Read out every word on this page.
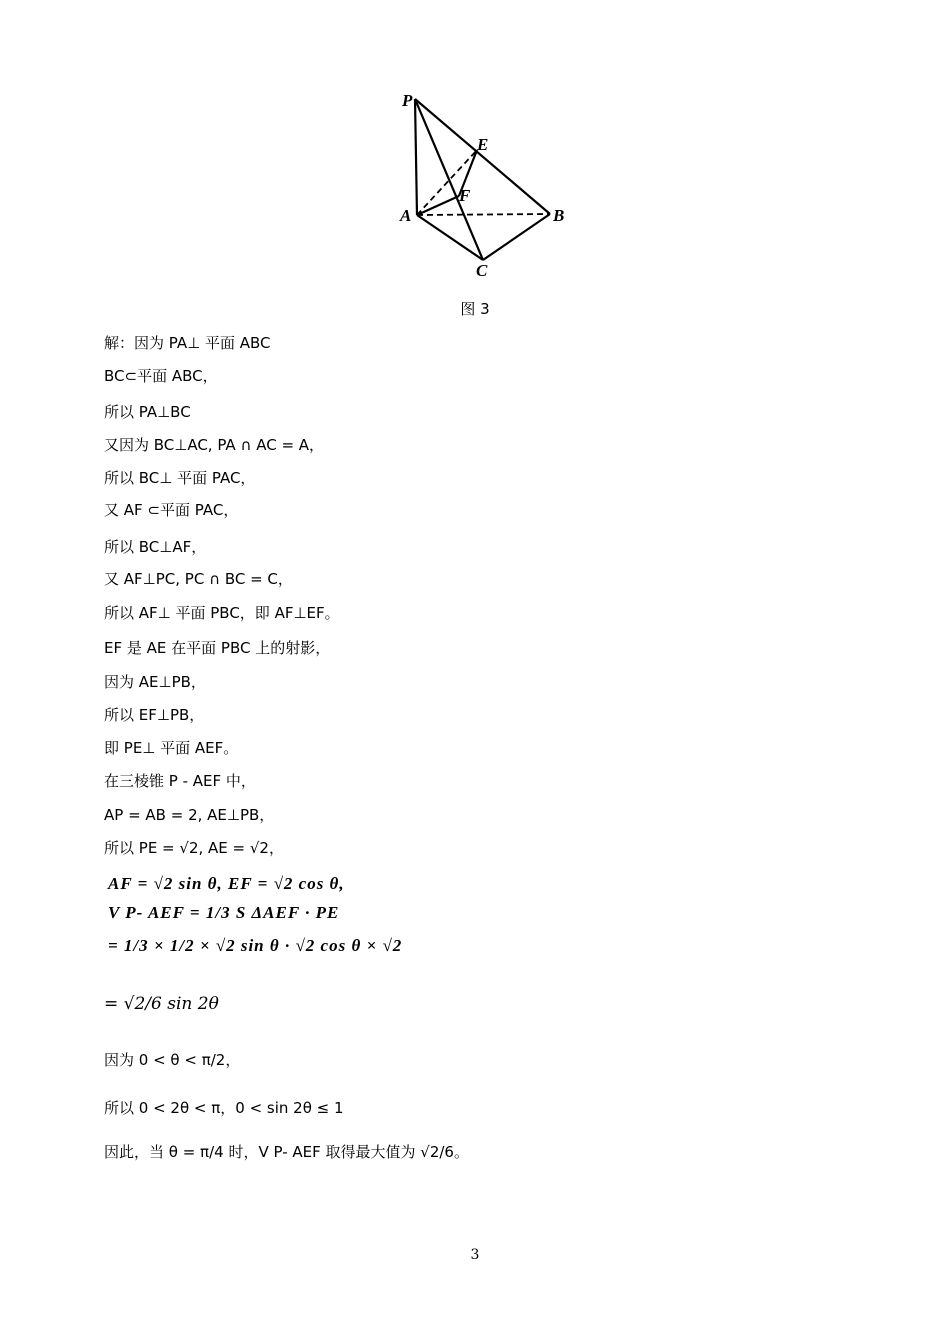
P
E
F
A	B
C
图 3
解：因为 PA⊥ 平面 ABC
BC⊂平面 ABC，
所以 PA⊥BC
又因为 BC⊥AC, PA ∩ AC = A，
所以 BC⊥ 平面 PAC，
又 AF ⊂平面 PAC，
所以 BC⊥AF，
又 AF⊥PC, PC ∩ BC = C，
所以 AF⊥ 平面 PBC，即 AF⊥EF。
EF 是 AE 在平面 PBC 上的射影，
因为 AE⊥PB，
所以 EF⊥PB，
即 PE⊥ 平面 AEF。
在三棱锥 P - AEF 中，
AP = AB = 2, AE⊥PB，
所以 PE = √2, AE = √2，
AF = √2 sin θ, EF = √2 cos θ,
V P- AEF = 1/3 S ΔAEF · PE
= 1/3 × 1/2 × √2 sin θ · √2 cos θ × √2
= √2/6 sin 2θ
因为 0 < θ < π/2，
所以 0 < 2θ < π，0 < sin 2θ ≤ 1
因此，当 θ = π/4 时，V P- AEF 取得最大值为 √2/6。
3
